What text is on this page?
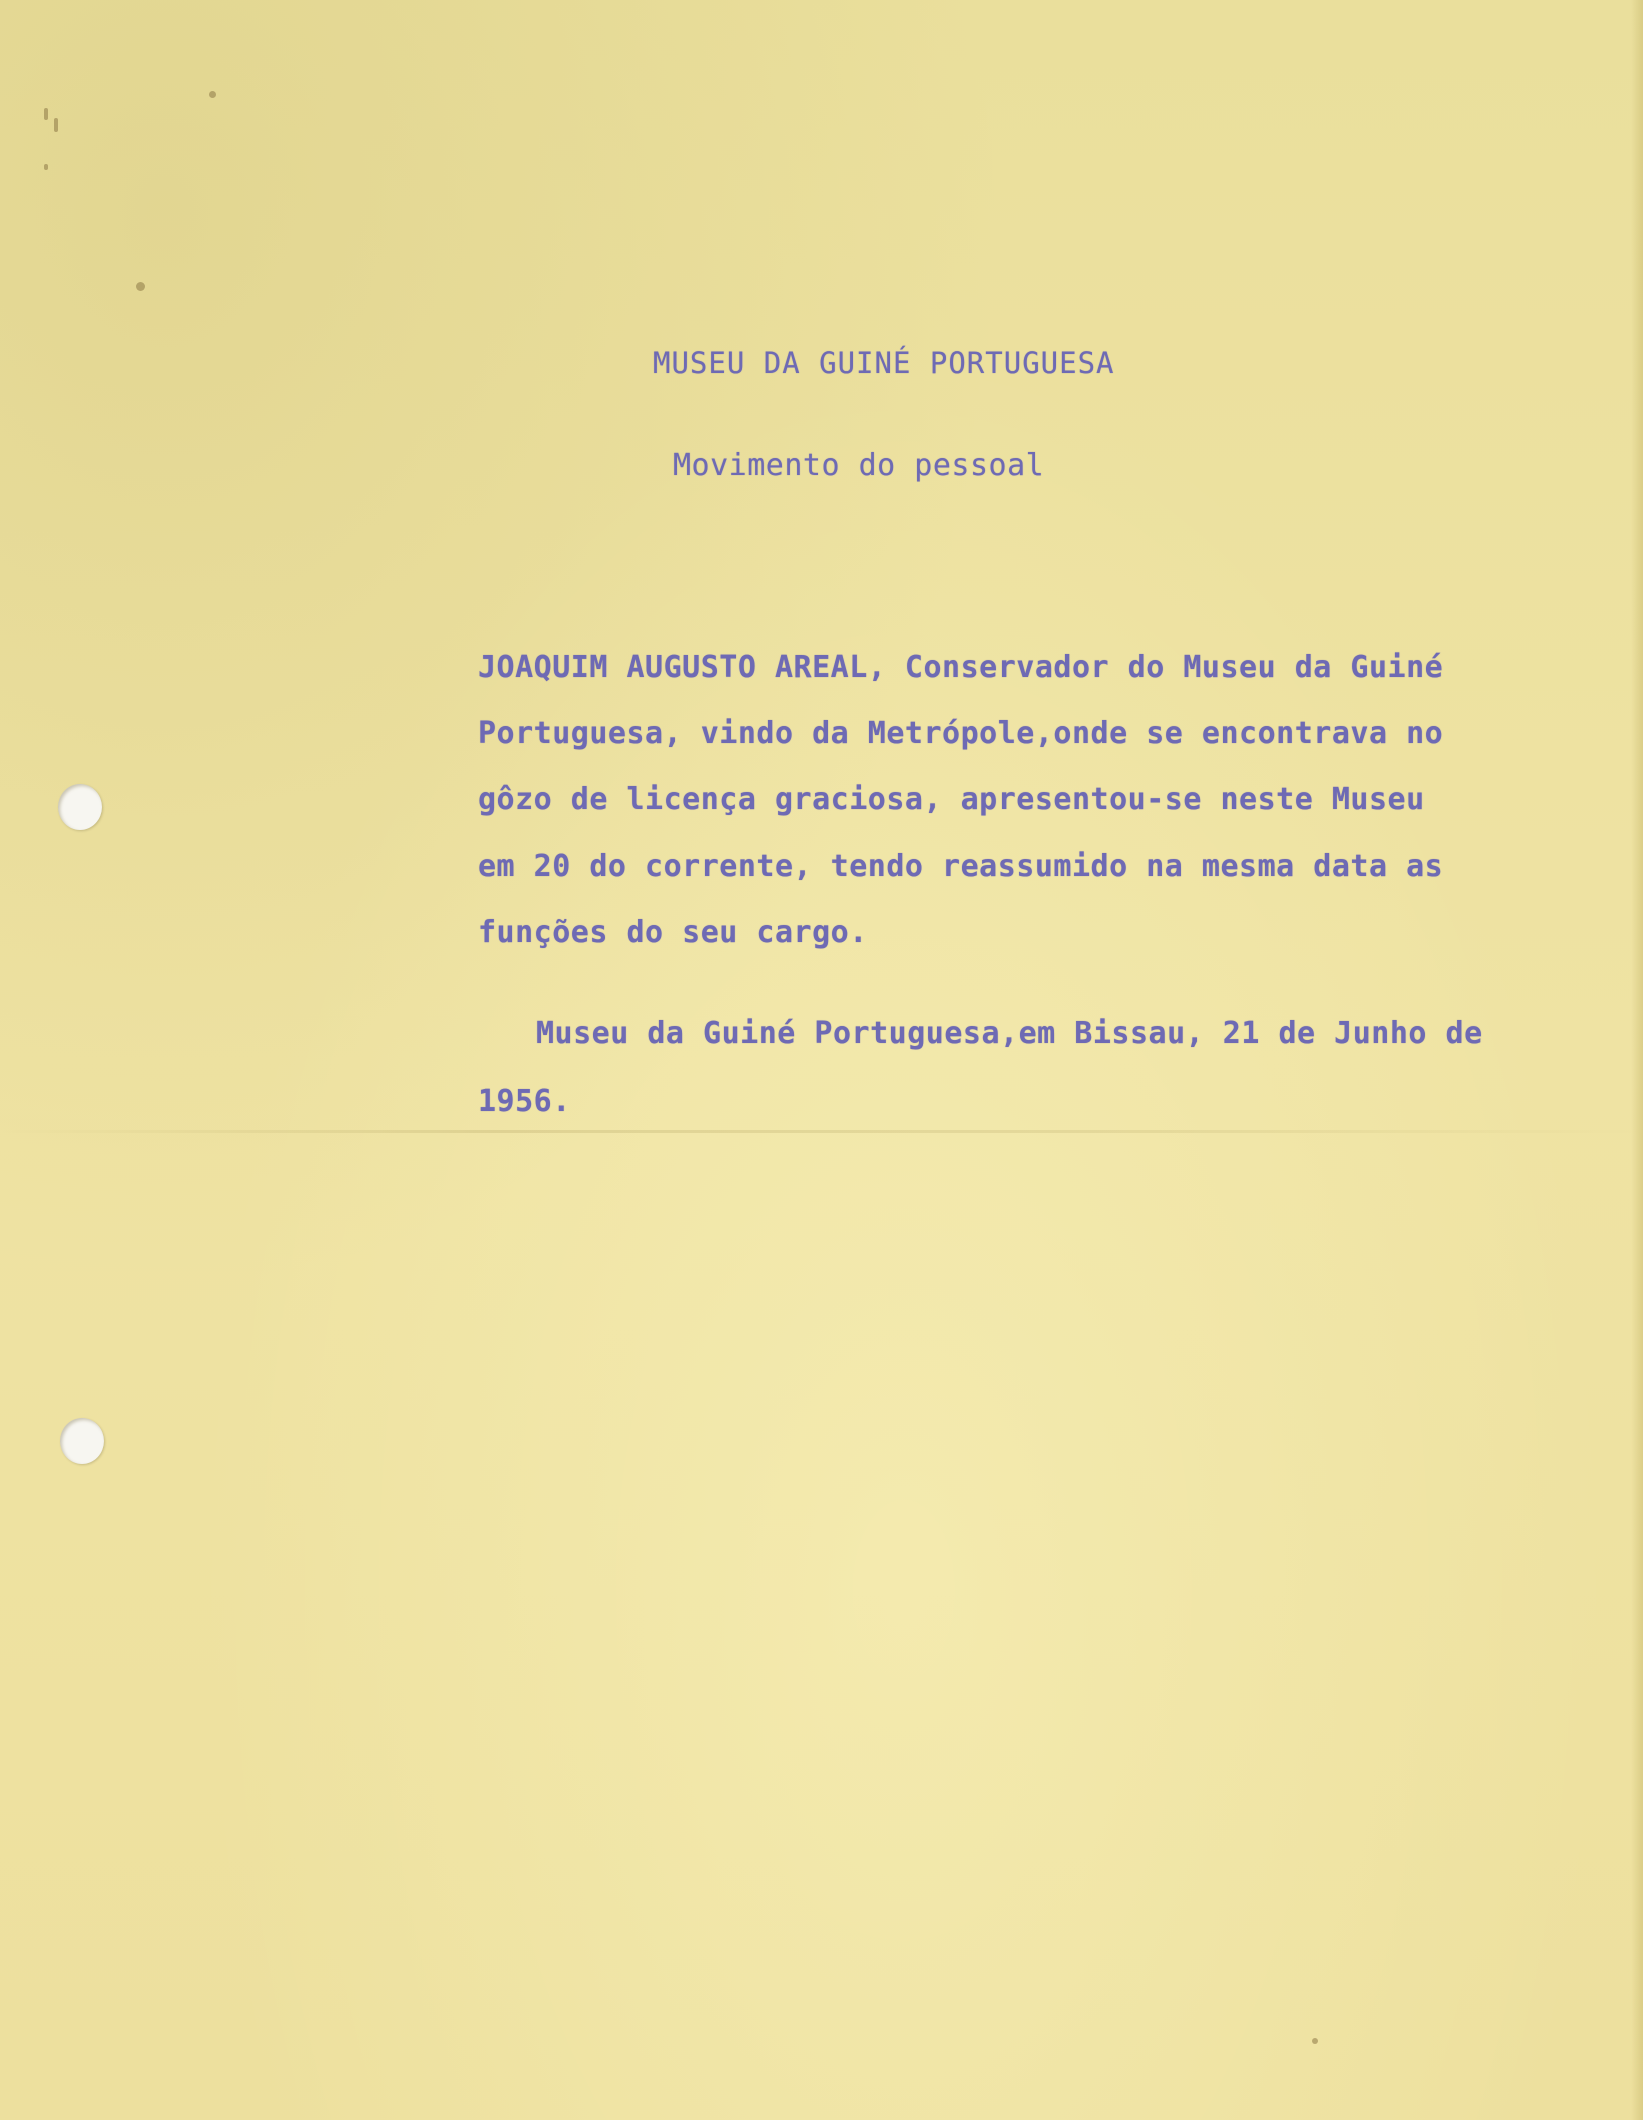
MUSEU DA GUINÉ PORTUGUESA
Movimento do pessoal
JOAQUIM AUGUSTO AREAL, Conservador do Museu da Guiné
Portuguesa, vindo da Metrópole,onde se encontrava no
gôzo de licença graciosa, apresentou-se neste Museu
em 20 do corrente, tendo reassumido na mesma data as
funções do seu cargo.
Museu da Guiné Portuguesa,em Bissau, 21 de Junho de
1956.
